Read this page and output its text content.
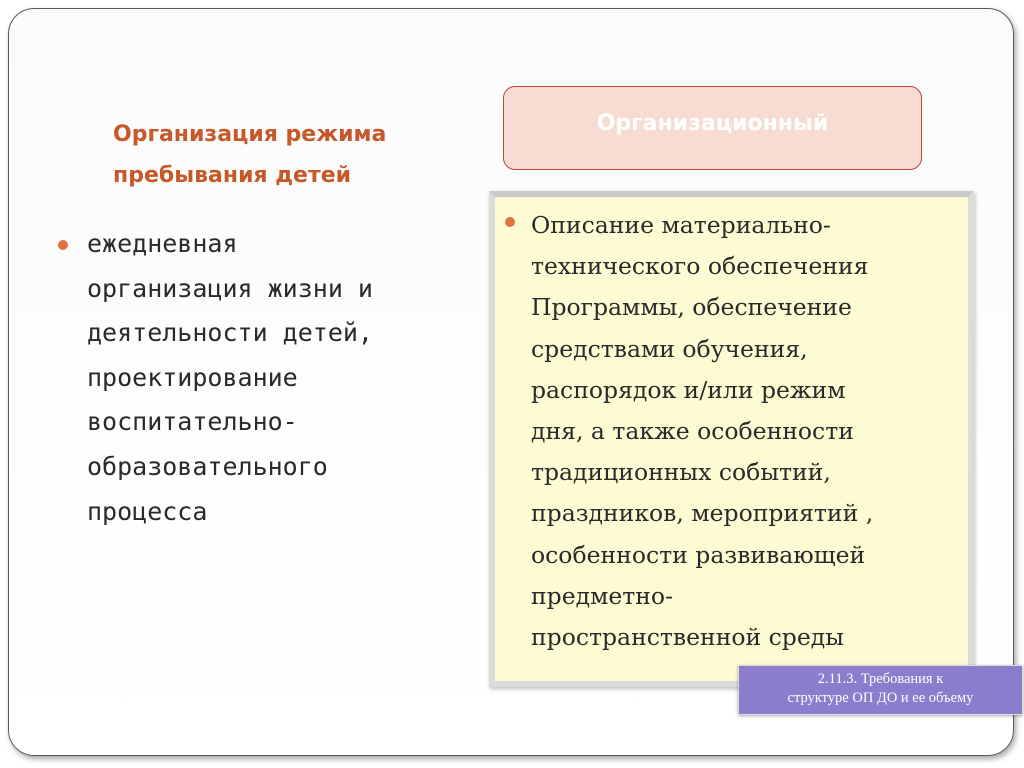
Организация режима
пребывания детей
ежедневная
организация жизни и
деятельности детей,
проектирование
воспитательно-
образовательного
процесса
Организационный
Описание материально-
технического обеспечения
Программы, обеспечение
средствами обучения,
распорядок и/или режим
дня, а также особенности
традиционных событий,
праздников, мероприятий ,
особенности развивающей
предметно-
пространственной среды
2.11.3. Требования к
структуре ОП ДО и ее объему
